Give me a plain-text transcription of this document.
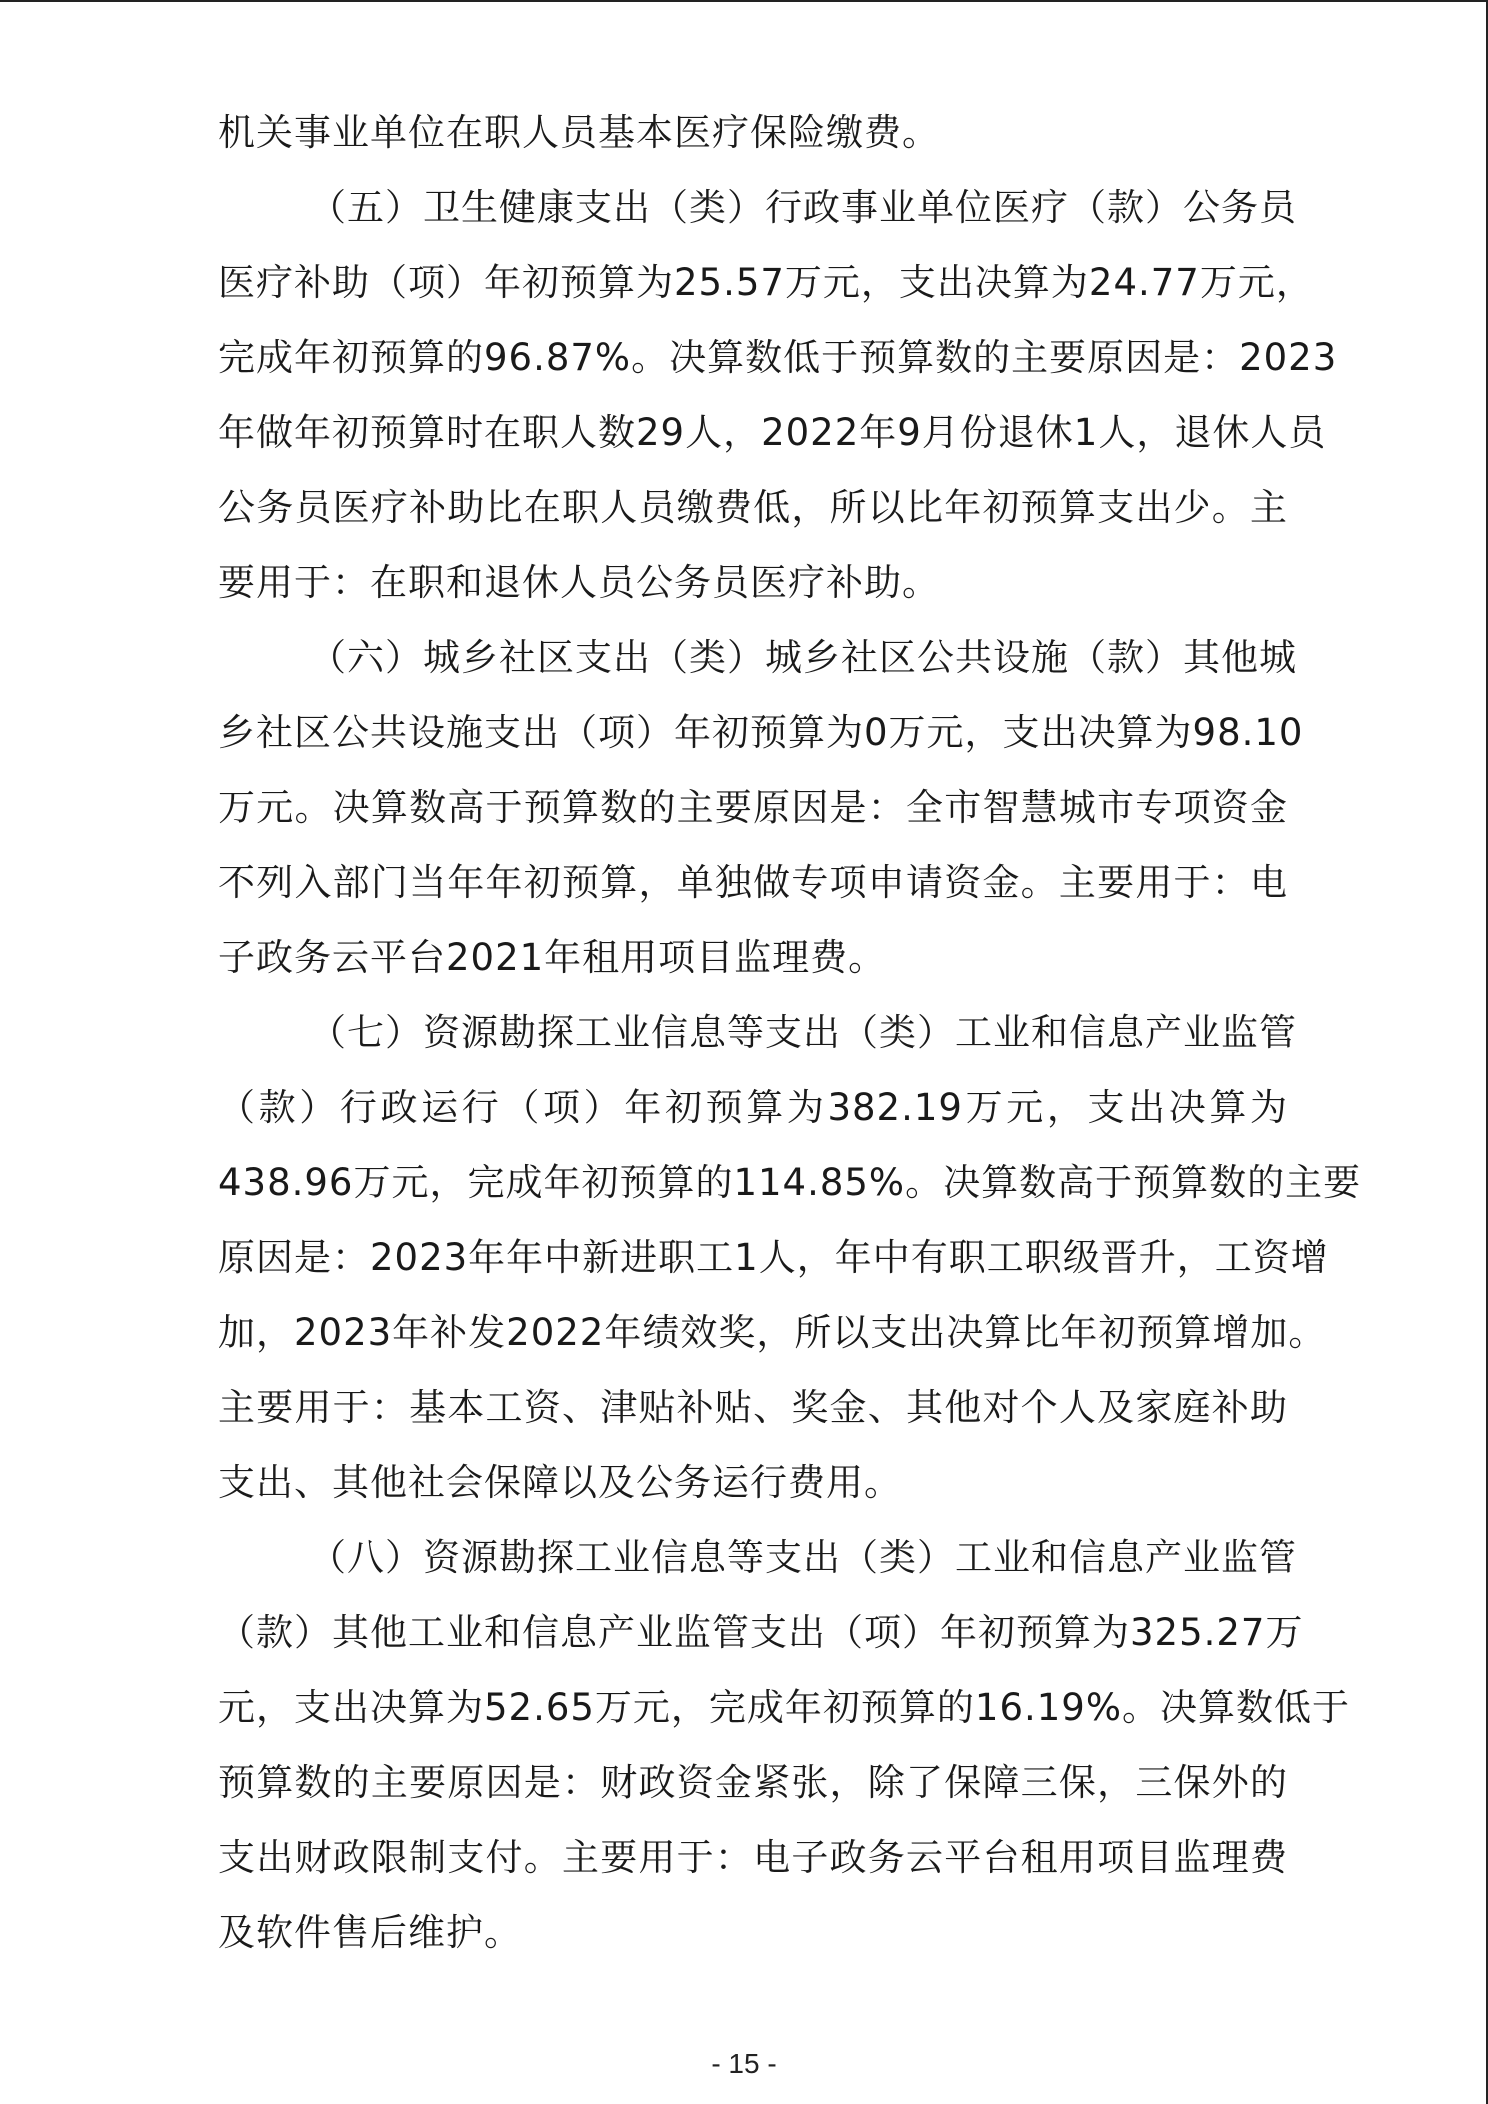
机关事业单位在职人员基本医疗保险缴费。
（五）卫生健康支出（类）行政事业单位医疗（款）公务员
医疗补助（项）年初预算为25.57万元，支出决算为24.77万元，
完成年初预算的96.87%。决算数低于预算数的主要原因是：2023
年做年初预算时在职人数29人，2022年9月份退休1人，退休人员
公务员医疗补助比在职人员缴费低，所以比年初预算支出少。主
要用于：在职和退休人员公务员医疗补助。
（六）城乡社区支出（类）城乡社区公共设施（款）其他城
乡社区公共设施支出（项）年初预算为0万元，支出决算为98.10
万元。决算数高于预算数的主要原因是：全市智慧城市专项资金
不列入部门当年年初预算，单独做专项申请资金。主要用于：电
子政务云平台2021年租用项目监理费。
（七）资源勘探工业信息等支出（类）工业和信息产业监管
（款）行政运行（项）年初预算为382.19万元，支出决算为
438.96万元，完成年初预算的114.85%。决算数高于预算数的主要
原因是：2023年年中新进职工1人，年中有职工职级晋升，工资增
加，2023年补发2022年绩效奖，所以支出决算比年初预算增加。
主要用于：基本工资、津贴补贴、奖金、其他对个人及家庭补助
支出、其他社会保障以及公务运行费用。
（八）资源勘探工业信息等支出（类）工业和信息产业监管
（款）其他工业和信息产业监管支出（项）年初预算为325.27万
元，支出决算为52.65万元，完成年初预算的16.19%。决算数低于
预算数的主要原因是：财政资金紧张，除了保障三保，三保外的
支出财政限制支付。主要用于：电子政务云平台租用项目监理费
及软件售后维护。
- 15 -
